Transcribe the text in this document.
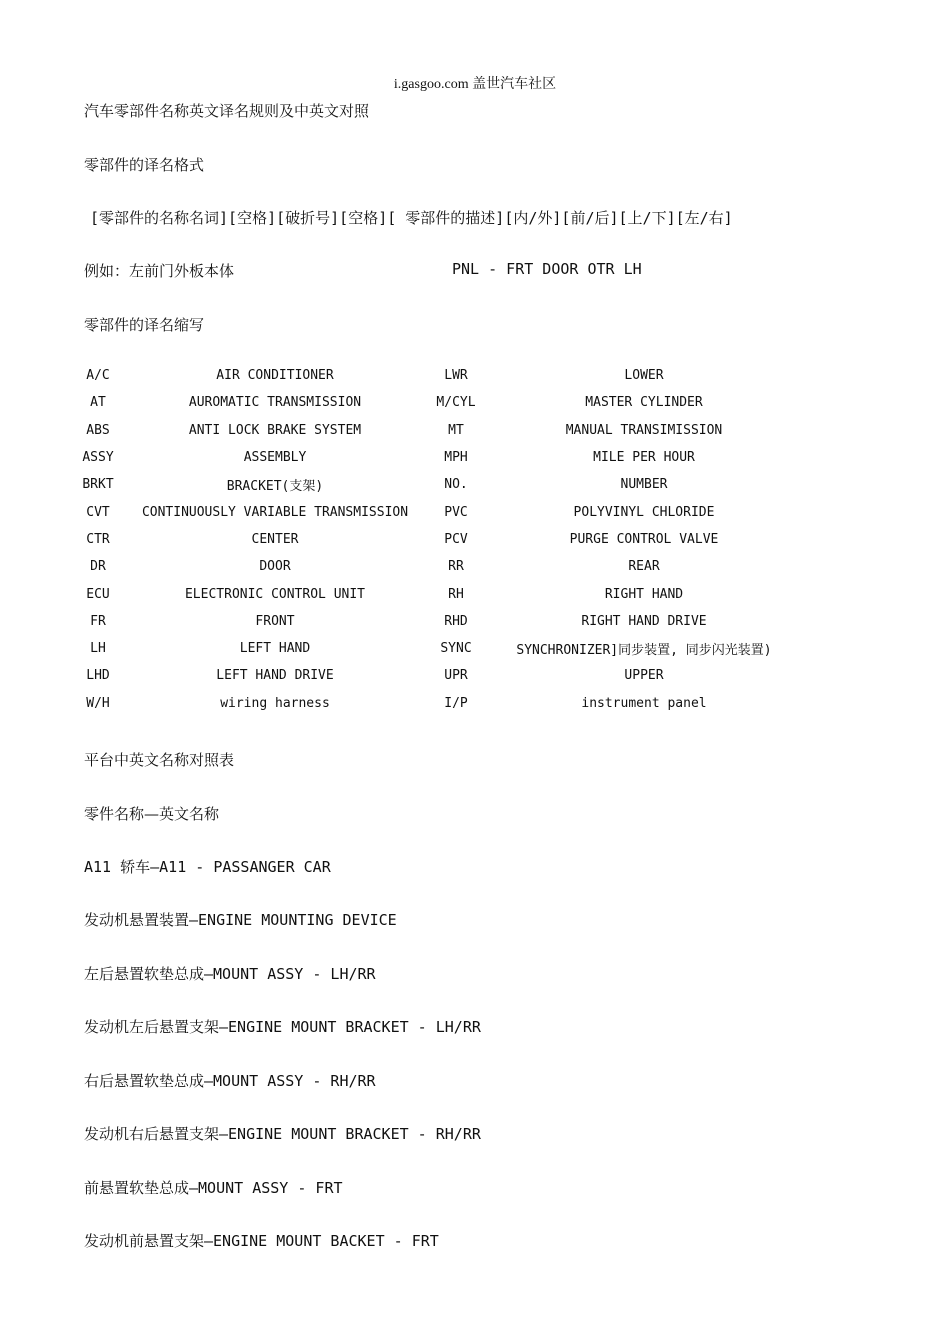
i.gasgoo.com 盖世汽车社区
汽车零部件名称英文译名规则及中英文对照
零部件的译名格式
[零部件的名称名词][空格][破折号][空格][ 零部件的描述][内/外][前/后][上/下][左/右]
例如：左前门外板本体	PNL - FRT DOOR OTR LH
零部件的译名缩写
A/C	AIR CONDITIONER	LWR	LOWER
AT	AUROMATIC TRANSMISSION	M/CYL	MASTER CYLINDER
ABS	ANTI LOCK BRAKE SYSTEM	MT	MANUAL TRANSIMISSION
ASSY	ASSEMBLY	MPH	MILE PER HOUR
BRKT	BRACKET(支架)	NO.	NUMBER
CVT	CONTINUOUSLY VARIABLE TRANSMISSION	PVC	POLYVINYL CHLORIDE
CTR	CENTER	PCV	PURGE CONTROL VALVE
DR	DOOR	RR	REAR
ECU	ELECTRONIC CONTROL UNIT	RH	RIGHT HAND
FR	FRONT	RHD	RIGHT HAND DRIVE
LH	LEFT HAND	SYNC	SYNCHRONIZER]同步装置, 同步闪光装置)
LHD	LEFT HAND DRIVE	UPR	UPPER
W/H	wiring harness	I/P	instrument panel
平台中英文名称对照表
零件名称—英文名称
A11 轿车—A11 - PASSANGER CAR
发动机悬置装置—ENGINE MOUNTING DEVICE
左后悬置软垫总成—MOUNT ASSY - LH/RR
发动机左后悬置支架—ENGINE MOUNT BRACKET - LH/RR
右后悬置软垫总成—MOUNT ASSY - RH/RR
发动机右后悬置支架—ENGINE MOUNT BRACKET - RH/RR
前悬置软垫总成—MOUNT ASSY - FRT
发动机前悬置支架—ENGINE MOUNT BACKET - FRT
